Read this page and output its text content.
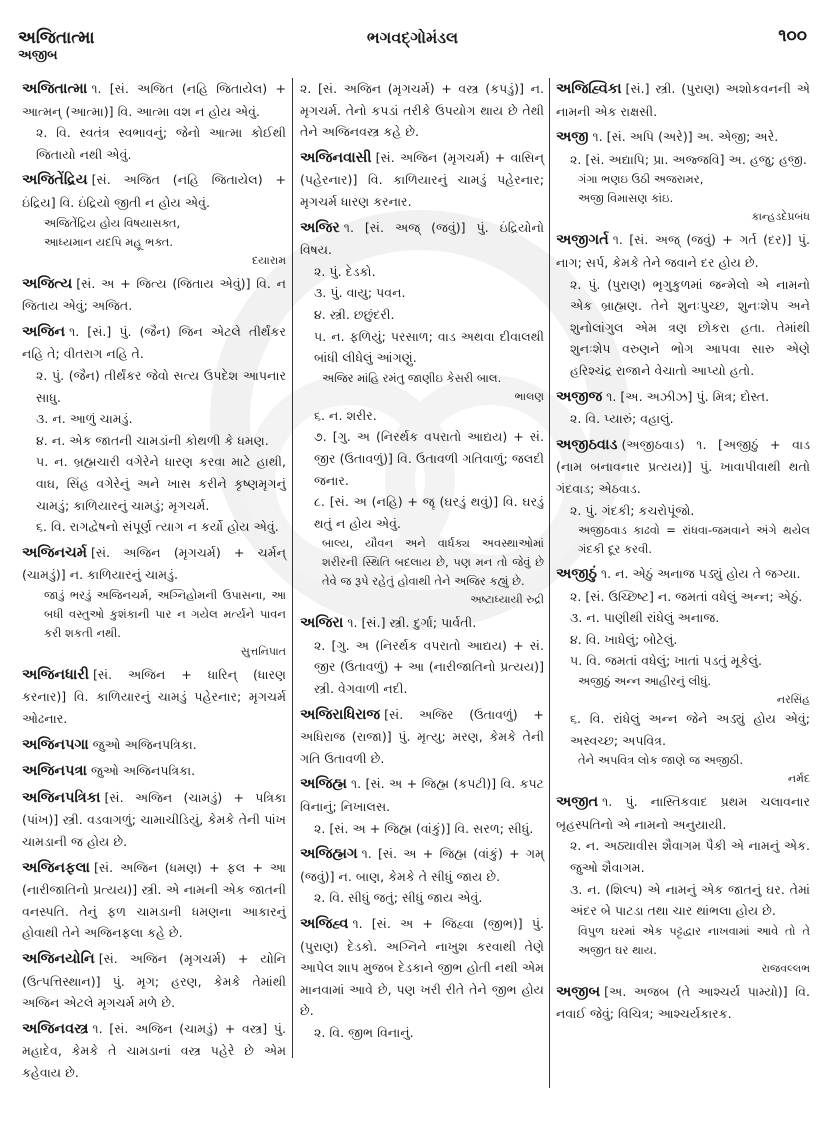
અજિતાત્મા
અજીબ
ભગવદ્ગોમંડલ	૧૦૦
અજિતાત્મા ૧. [સં. અજિત (નહિ જિતાયેલ) + આત્મન્ (આત્મા)] વિ. આત્મા વશ ન હોય એવું.
૨. વિ. સ્વતંત્ર સ્વભાવનું; જેનો આત્મા કોઈથી જિતાયો નથી એવું.
અજિતેંદ્રિય [સં. અજિત (નહિ જિતાયેલ) + ઇંદ્રિય] વિ. ઇંદ્રિયો જીતી ન હોય એવું.
અજિતેંદ્રિય હોય વિષયાસક્ત,
આધ્યમાન યદપિ મહૂ ભક્ત.
દયારામ
અજિત્ય [સં. અ + જિત્ય (જિતાય એવું)] વિ. ન જિતાય એવું; અજિત.
અજિન ૧. [સં.] પું. (જૈન) જિન એટલે તીર્થંકર નહિ તે; વીતરાગ નહિ તે.
૨. પું. (જૈન) તીર્થંકર જેવો સત્ય ઉપદેશ આપનાર સાધુ.
૩. ન. આળું ચામડું.
૪. ન. એક જાતની ચામડાંની કોથળી કે ધમણ.
૫. ન. બ્રહ્મચારી વગેરેને ધારણ કરવા માટે હાથી, વાઘ, સિંહ વગેરેનું અને ખાસ કરીને કૃષ્ણમૃગનું ચામડું; કાળિયારનું ચામડું; મૃગચર્મ.
૬. વિ. રાગદ્વેષનો સંપૂર્ણ ત્યાગ ન કર્યો હોય એવું.
અજિનચર્મ [સં. અજિન (મૃગચર્મ) + ચર્મન્ (ચામડું)] ન. કાળિયારનું ચામડું.
જાડું ભરડું અજિનચર્મ, અગ્નિહોમની ઉપાસના, આ બધી વસ્તુઓ કુશંકાની પાર ન ગયેલ મર્ત્યને પાવન કરી શકતી નથી.
સુત્તનિપાત
અજિનધારી [સં. અજિન + ધારિન્ (ધારણ કરનાર)] વિ. કાળિયારનું ચામડું પહેરનાર; મૃગચર્મ ઓઢનાર.
અજિનપગા જુઓ અજિનપત્રિકા.
અજિનપત્રા જુઓ અજિનપત્રિકા.
અજિનપત્રિકા [સં. અજિન (ચામડું) + પત્રિકા (પાંખ)] સ્ત્રી. વડવાગળું; ચામાચીડિયું, કેમકે તેની પાંખ ચામડાની જ હોય છે.
અજિનફલા [સં. અજિન (ધમણ) + ફલ + આ (નારીજાતિનો પ્રત્યય)] સ્ત્રી. એ નામની એક જાતની વનસ્પતિ. તેનું ફળ ચામડાની ધમણના આકારનું હોવાથી તેને અજિનફલા કહે છે.
અજિનયોનિ [સં. અજિન (મૃગચર્મ) + યોનિ (ઉત્પત્તિસ્થાન)] પું. મૃગ; હરણ, કેમકે તેમાંથી અજિન એટલે મૃગચર્મ મળે છે.
અજિનવસ્ત્ર ૧. [સં. અજિન (ચામડું) + વસ્ત્ર] પું. મહાદેવ, કેમકે તે ચામડાનાં વસ્ત્ર પહેરે છે એમ કહેવાય છે.
૨. [સં. અજિન (મૃગચર્મ) + વસ્ત્ર (કપડું)] ન. મૃગચર્મ. તેનો કપડાં તરીકે ઉપયોગ થાય છે તેથી તેને અજિનવસ્ત્ર કહે છે.
અજિનવાસી [સં. અજિન (મૃગચર્મ) + વાસિન્ (પહેરનાર)] વિ. કાળિયારનું ચામડું પહેરનાર; મૃગચર્મ ધારણ કરનાર.
અજિર ૧. [સં. અજ્ (જવું)] પું. ઇંદ્રિયોનો વિષય.
૨. પું. દેડકો.
૩. પું. વાયુ; પવન.
૪. સ્ત્રી. છછુંદરી.
૫. ન. ફળિયું; પરસાળ; વાડ અથવા દીવાલથી બાંધી લીધેલું આંગણું.
અજિર માંહિ રમંતુ જાણીઇ કેસરી બાલ.
ભાલણ
૬. ન. શરીર.
૭. [ગુ. અ (નિરર્થક વપરાતો આદ્યય) + સં. જીર (ઉતાવળું)] વિ. ઉતાવળી ગતિવાળું; જલદી જનાર.
૮. [સં. અ (નહિ) + જૄ (ઘરડું થવું)] વિ. ઘરડું થતું ન હોય એવું.
બાલ્ય, યૌવન અને વાર્ધક્ય અવસ્થાઓમાં શરીરની સ્થિતિ બદલાય છે, પણ મન તો જેવું છે તેવે જ રૂપે રહેતું હોવાથી તેને અજિર કહ્યું છે.
અષ્ટાધ્યાયી રુદ્રી
અજિરા ૧. [સં.] સ્ત્રી. દુર્ગા; પાર્વતી.
૨. [ગુ. અ (નિરર્થક વપરાતો આદ્યય) + સં. જીર (ઉતાવળું) + આ (નારીજાતિનો પ્રત્યય)] સ્ત્રી. વેગવાળી નદી.
અજિરાધિરાજ [સં. અજિર (ઉતાવળું) + અધિરાજ (રાજા)] પું. મૃત્યુ; મરણ, કેમકે તેની ગતિ ઉતાવળી છે.
અજિહ્મ ૧. [સં. અ + જિહ્મ (કપટી)] વિ. કપટ વિનાનું; નિખાલસ.
૨. [સં. અ + જિહ્મ (વાંકું)] વિ. સરળ; સીધું.
અજિહ્મગ ૧. [સં. અ + જિહ્મ (વાંકું) + ગમ્ (જવું)] ન. બાણ, કેમકે તે સીધું જાય છે.
૨. વિ. સીધું જતું; સીધું જાય એવું.
અજિહ્વ ૧. [સં. અ + જિહ્વા (જીભ)] પું. (પુરાણ) દેડકો. અગ્નિને નાખુશ કરવાથી તેણે આપેલ શાપ મુજબ દેડકાને જીભ હોતી નથી એમ માનવામાં આવે છે, પણ ખરી રીતે તેને જીભ હોય છે.
૨. વિ. જીભ વિનાનું.
અજિહ્વિકા [સં.] સ્ત્રી. (પુરાણ) અશોકવનની એ નામની એક રાક્ષસી.
અજી ૧. [સં. અપિ (અરે)] અ. એજી; અરે.
૨. [સં. અદ્યાપિ; પ્રા. અજ્જવિ] અ. હજુ; હજી.
ગંગા ભણઇ ઉઠી અજરામર,
અજી વિમાસણ કાંઇ.
કાન્હડદેપ્રબંધ
અજીગર્ત ૧. [સં. અજ્ (જવું) + ગર્ત (દર)] પું. નાગ; સર્પ, કેમકે તેને જવાને દર હોય છે.
૨. પું. (પુરાણ) ભૃગુકુળમાં જન્મેલો એ નામનો એક બ્રાહ્મણ. તેને શુનઃપુચ્છ, શુનઃશેપ અને શુનોલાંગુલ એમ ત્રણ છોકરા હતા. તેમાંથી શુનઃશેપ વરુણને ભોગ આપવા સારુ એણે હરિશ્ચંદ્ર રાજાને વેચાતો આપ્યો હતો.
અજીજ ૧. [અ. અઝીઝ] પું. મિત્ર; દોસ્ત.
૨. વિ. પ્યારું; વહાલું.
અજીઠવાડ (અજીઠવાડ) ૧. [અજીઠું + વાડ (નામ બનાવનાર પ્રત્યય)] પું. ખાવાપીવાથી થતો ગંદવાડ; એઠવાડ.
૨. પું. ગંદકી; કચરોપૂંજો.
અજીઠવાડ કાઢવો = રાંધવા-જમવાને અંગે થયેલ ગંદકી દૂર કરવી.
અજીઠું ૧. ન. એઠું અનાજ પડ્યું હોય તે જગ્યા.
૨. [સં. ઉચ્છિષ્ટ] ન. જમતાં વધેલું અન્ન; એઠું.
૩. ન. પાણીથી રાંધેલું અનાજ.
૪. વિ. ખાધેલું; બોટેલું.
૫. વિ. જમતાં વધેલું; ખાતાં પડતું મૂકેલું.
અજીઠું અન્ન આહીરનું લીધું.
નરસિંહ
૬. વિ. રાંધેલું અન્ન જેને અડ્યું હોય એવું; અસ્વચ્છ; અપવિત્ર.
તેને અપવિત્ર લોક જાણે જ અજીઠી.
નર્મદ
અજીત ૧. પું. નાસ્તિકવાદ પ્રથમ ચલાવનાર બૃહસ્પતિનો એ નામનો અનુયાયી.
૨. ન. અઠ્યાવીસ શૈવાગમ પૈકી એ નામનું એક. જુઓ શૈવાગમ.
૩. ન. (શિલ્પ) એ નામનું એક જાતનું ઘર. તેમાં અંદર બે પાટડા તથા ચાર થાંભલા હોય છે.
વિપુળ ઘરમાં એક પટ્ટદ્વાર નાખવામાં આવે તો તે અજીત ઘર થાય.
રાજવલ્લભ
અજીબ [અ. અજબ (તે આશ્ચર્ય પામ્યો)] વિ. નવાઈ જેવું; વિચિત્ર; આશ્ચર્યકારક.
